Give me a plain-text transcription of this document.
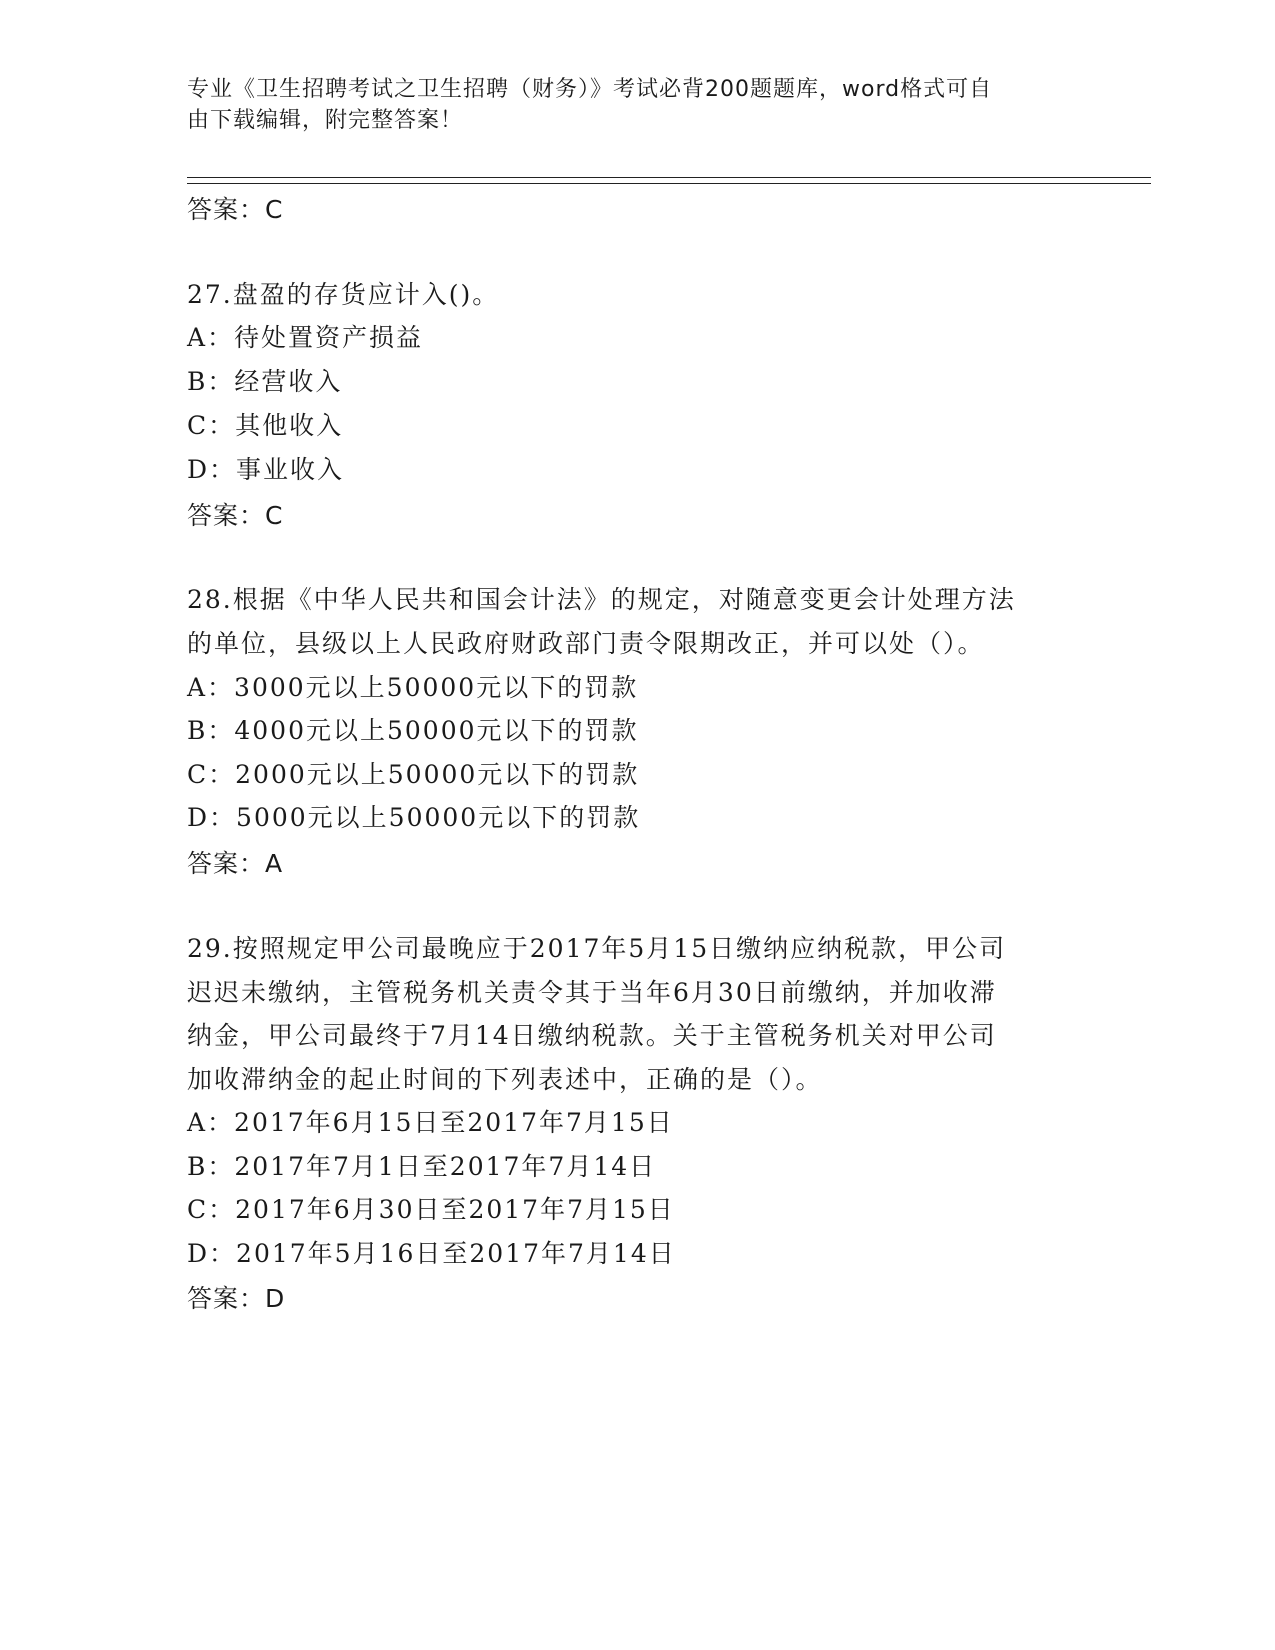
专业《卫生招聘考试之卫生招聘（财务）》考试必背200题题库，word格式可自
由下载编辑，附完整答案！
答案：C
27.盘盈的存货应计入()。
A：待处置资产损益
B：经营收入
C：其他收入
D：事业收入
答案：C
28.根据《中华人民共和国会计法》的规定，对随意变更会计处理方法
的单位，县级以上人民政府财政部门责令限期改正，并可以处（）。
A：3000元以上50000元以下的罚款
B：4000元以上50000元以下的罚款
C：2000元以上50000元以下的罚款
D：5000元以上50000元以下的罚款
答案：A
29.按照规定甲公司最晚应于2017年5月15日缴纳应纳税款，甲公司
迟迟未缴纳，主管税务机关责令其于当年6月30日前缴纳，并加收滞
纳金，甲公司最终于7月14日缴纳税款。关于主管税务机关对甲公司
加收滞纳金的起止时间的下列表述中，正确的是（）。
A：2017年6月15日至2017年7月15日
B：2017年7月1日至2017年7月14日
C：2017年6月30日至2017年7月15日
D：2017年5月16日至2017年7月14日
答案：D
